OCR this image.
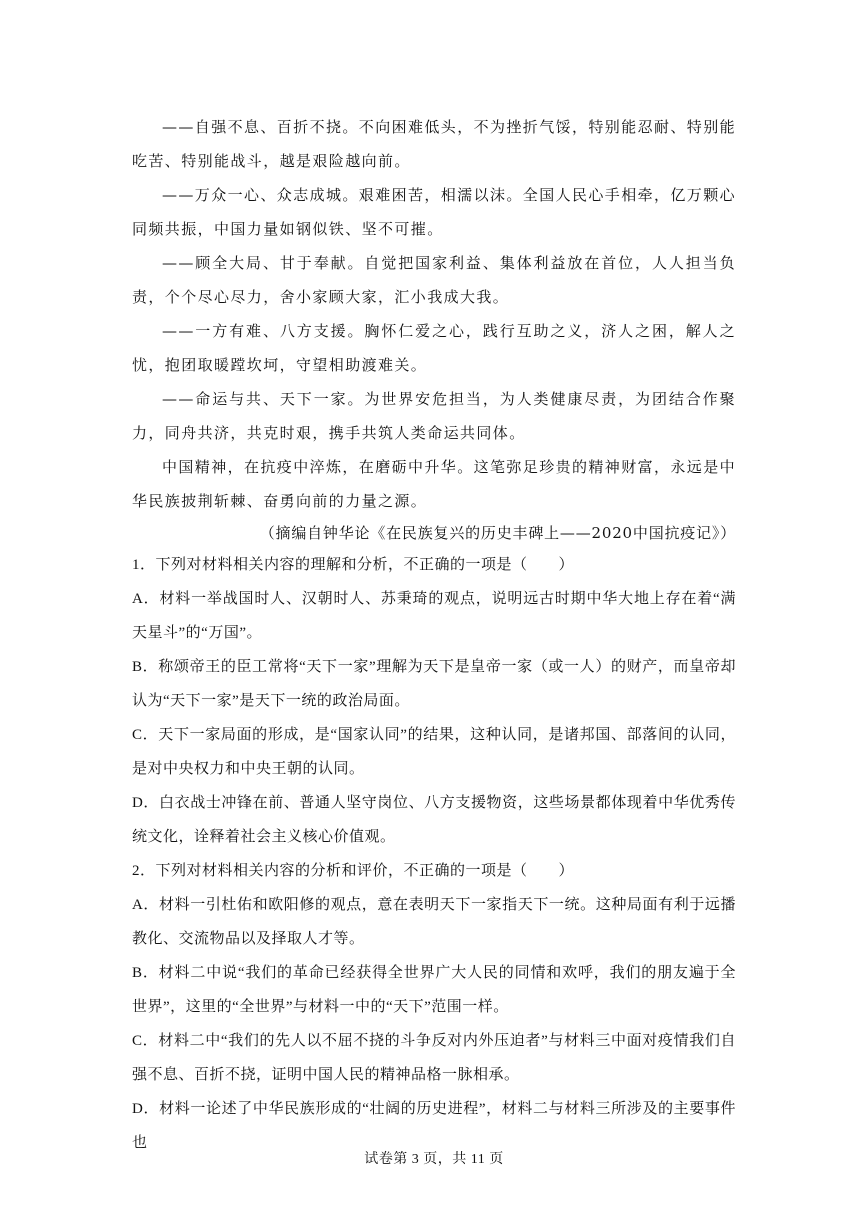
——自强不息、百折不挠。不向困难低头，不为挫折气馁，特别能忍耐、特别能吃苦、特别能战斗，越是艰险越向前。

——万众一心、众志成城。艰难困苦，相濡以沫。全国人民心手相牵，亿万颗心同频共振，中国力量如钢似铁、坚不可摧。

——顾全大局、甘于奉献。自觉把国家利益、集体利益放在首位，人人担当负责，个个尽心尽力，舍小家顾大家，汇小我成大我。

——一方有难、八方支援。胸怀仁爱之心，践行互助之义，济人之困，解人之忧，抱团取暖蹚坎坷，守望相助渡难关。

——命运与共、天下一家。为世界安危担当，为人类健康尽责，为团结合作聚力，同舟共济，共克时艰，携手共筑人类命运共同体。

中国精神，在抗疫中淬炼，在磨砺中升华。这笔弥足珍贵的精神财富，永远是中华民族披荆斩棘、奋勇向前的力量之源。

（摘编自钟华论《在民族复兴的历史丰碑上——2020中国抗疫记》）

1．下列对材料相关内容的理解和分析，不正确的一项是（　　）

A．材料一举战国时人、汉朝时人、苏秉琦的观点，说明远古时期中华大地上存在着“满天星斗”的“万国”。

B．称颂帝王的臣工常将“天下一家”理解为天下是皇帝一家（或一人）的财产，而皇帝却认为“天下一家”是天下一统的政治局面。

C．天下一家局面的形成，是“国家认同”的结果，这种认同，是诸邦国、部落间的认同，是对中央权力和中央王朝的认同。

D．白衣战士冲锋在前、普通人坚守岗位、八方支援物资，这些场景都体现着中华优秀传统文化，诠释着社会主义核心价值观。

2．下列对材料相关内容的分析和评价，不正确的一项是（　　）

A．材料一引杜佑和欧阳修的观点，意在表明天下一家指天下一统。这种局面有利于远播教化、交流物品以及择取人才等。

B．材料二中说“我们的革命已经获得全世界广大人民的同情和欢呼，我们的朋友遍于全世界”，这里的“全世界”与材料一中的“天下”范围一样。

C．材料二中“我们的先人以不屈不挠的斗争反对内外压迫者”与材料三中面对疫情我们自强不息、百折不挠，证明中国人民的精神品格一脉相承。

D．材料一论述了中华民族形成的“壮阔的历史进程”，材料二与材料三所涉及的主要事件也

试卷第 3 页，共 11 页
